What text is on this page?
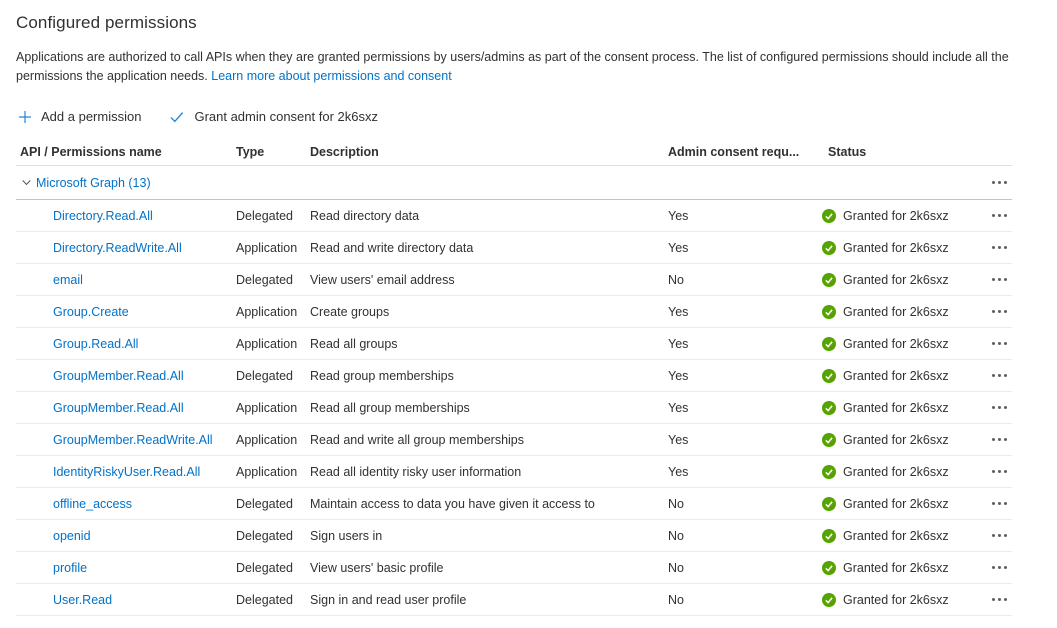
Configured permissions
Applications are authorized to call APIs when they are granted permissions by users/admins as part of the consent process. The list of configured permissions should include all the permissions the application needs. Learn more about permissions and consent
Add a permission	Grant admin consent for 2k6sxz
API / Permissions name	Type	Description	Admin consent requ...	Status
Microsoft Graph (13)
Directory.Read.All	Delegated	Read directory data	Yes	Granted for 2k6sxz
Directory.ReadWrite.All	Application	Read and write directory data	Yes	Granted for 2k6sxz
email	Delegated	View users' email address	No	Granted for 2k6sxz
Group.Create	Application	Create groups	Yes	Granted for 2k6sxz
Group.Read.All	Application	Read all groups	Yes	Granted for 2k6sxz
GroupMember.Read.All	Delegated	Read group memberships	Yes	Granted for 2k6sxz
GroupMember.Read.All	Application	Read all group memberships	Yes	Granted for 2k6sxz
GroupMember.ReadWrite.All	Application	Read and write all group memberships	Yes	Granted for 2k6sxz
IdentityRiskyUser.Read.All	Application	Read all identity risky user information	Yes	Granted for 2k6sxz
offline_access	Delegated	Maintain access to data you have given it access to	No	Granted for 2k6sxz
openid	Delegated	Sign users in	No	Granted for 2k6sxz
profile	Delegated	View users' basic profile	No	Granted for 2k6sxz
User.Read	Delegated	Sign in and read user profile	No	Granted for 2k6sxz
